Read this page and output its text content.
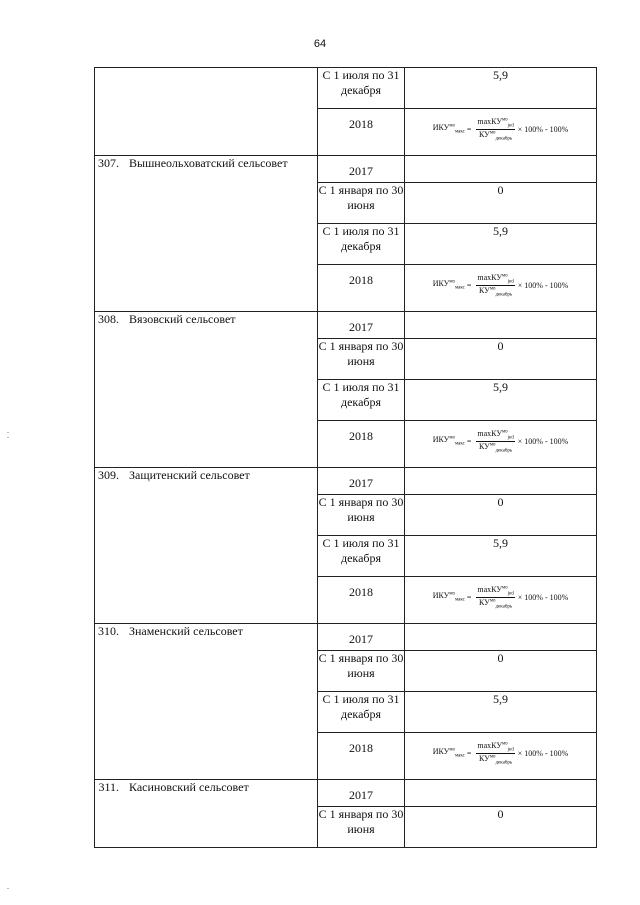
64
	С 1 июля по 31 декабря	5,9
	2018	$ИКУ^{мо}_{макс} = \frac{\max КУ^{мо}_{jed}}{КУ^{мо}_{декабрь}} \times 100\% - 100\%$

307. Вышнеольховатский сельсовет	2017	
	С 1 января по 30 июня	0
	С 1 июля по 31 декабря	5,9
	2018	$ИКУ^{мо}_{макс} = \frac{\max КУ^{мо}_{jed}}{КУ^{мо}_{декабрь}} \times 100\% - 100\%$

308. Вязовский сельсовет	2017	
	С 1 января по 30 июня	0
	С 1 июля по 31 декабря	5,9
	2018	$ИКУ^{мо}_{макс} = \frac{\max КУ^{мо}_{jed}}{КУ^{мо}_{декабрь}} \times 100\% - 100\%$

309. Защитенский сельсовет	2017	
	С 1 января по 30 июня	0
	С 1 июля по 31 декабря	5,9
	2018	$ИКУ^{мо}_{макс} = \frac{\max КУ^{мо}_{jed}}{КУ^{мо}_{декабрь}} \times 100\% - 100\%$

310. Знаменский сельсовет	2017	
	С 1 января по 30 июня	0
	С 1 июля по 31 декабря	5,9
	2018	$ИКУ^{мо}_{макс} = \frac{\max КУ^{мо}_{jed}}{КУ^{мо}_{декабрь}} \times 100\% - 100\%$

311. Касиновский сельсовет	2017	
	С 1 января по 30 июня	0
